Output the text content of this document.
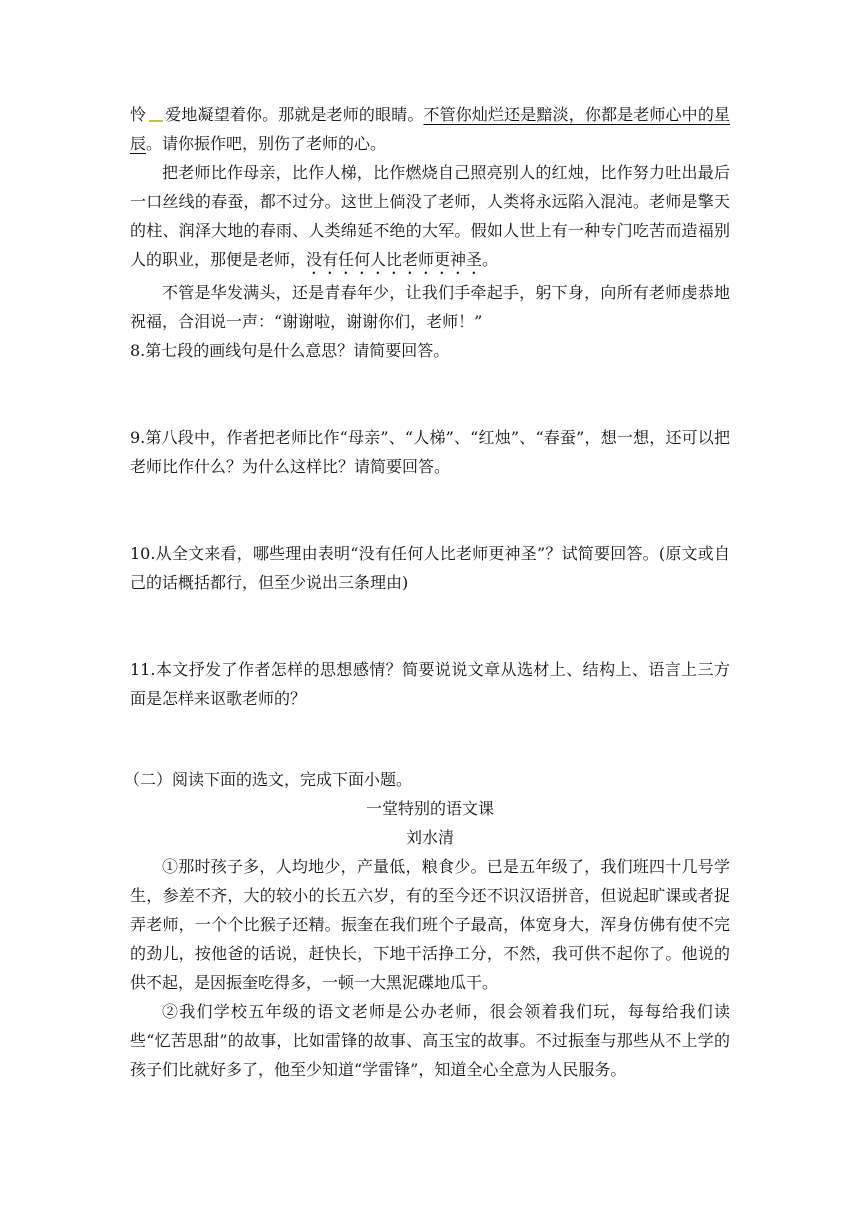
怜 爱地凝望着你。那就是老师的眼睛。不管你灿烂还是黯淡，你都是老师心中的星辰。请你振作吧，别伤了老师的心。

把老师比作母亲，比作人梯，比作燃烧自己照亮别人的红烛，比作努力吐出最后一口丝线的春蚕，都不过分。这世上倘没了老师，人类将永远陷入混沌。老师是擎天的柱、润泽大地的春雨、人类绵延不绝的大军。假如人世上有一种专门吃苦而造福别人的职业，那便是老师，没有任何人比老师更神圣。

不管是华发满头，还是青春年少，让我们手牵起手，躬下身，向所有老师虔恭地祝福，合泪说一声：“谢谢啦，谢谢你们，老师！”

8.第七段的画线句是什么意思？请简要回答。

9.第八段中，作者把老师比作“母亲”、“人梯”、“红烛”、“春蚕”，想一想，还可以把老师比作什么？为什么这样比？请简要回答。

10.从全文来看，哪些理由表明“没有任何人比老师更神圣”？试简要回答。(原文或自己的话概括都行，但至少说出三条理由)

11.本文抒发了作者怎样的思想感情？简要说说文章从选材上、结构上、语言上三方面是怎样来讴歌老师的？

（二）阅读下面的选文，完成下面小题。

一堂特别的语文课

刘水清

①那时孩子多，人均地少，产量低，粮食少。已是五年级了，我们班四十几号学生，参差不齐，大的较小的长五六岁，有的至今还不识汉语拼音，但说起旷课或者捉弄老师，一个个比猴子还精。振奎在我们班个子最高，体宽身大，浑身仿佛有使不完的劲儿，按他爸的话说，赶快长，下地干活挣工分，不然，我可供不起你了。他说的供不起，是因振奎吃得多，一顿一大黑泥碟地瓜干。

②我们学校五年级的语文老师是公办老师，很会领着我们玩，每每给我们读些“忆苦思甜”的故事，比如雷锋的故事、高玉宝的故事。不过振奎与那些从不上学的孩子们比就好多了，他至少知道“学雷锋”，知道全心全意为人民服务。
